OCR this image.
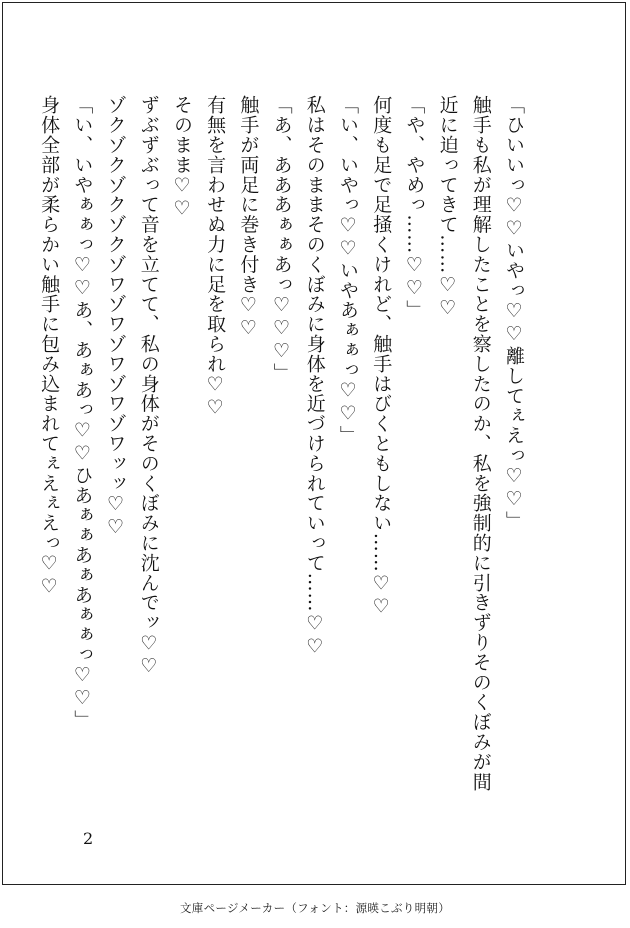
「ひいいっ♡♡いやっ♡♡離してぇえっ♡♡」

触手も私が理解したことを察したのか、私を強制的に引きずりそのくぼみが間

近に迫ってきて……♡♡

「や、やめっ……♡♡」

何度も足で足掻くけれど、触手はびくともしない……♡♡

「い、いやっ♡♡いやあぁぁっ♡♡」

私はそのままそのくぼみに身体を近づけられていって……♡♡

「あ、あああぁぁあっ♡♡♡」

触手が両足に巻き付き♡♡

有無を言わせぬ力に足を取られ♡♡

そのまま♡♡

ずぶずぶって音を立てて、私の身体がそのくぼみに沈んでッ♡♡

ゾクゾクゾクゾクゾワゾワゾワゾワゾワッッ♡♡

「い、いやぁぁっ♡♡あ、あぁあっ♡♡ひあぁぁあぁあぁぁっ♡♡」

身体全部が柔らかい触手に包み込まれてぇえぇえっ♡♡

2

文庫ページメーカー（フォント：源暎こぶり明朝）
